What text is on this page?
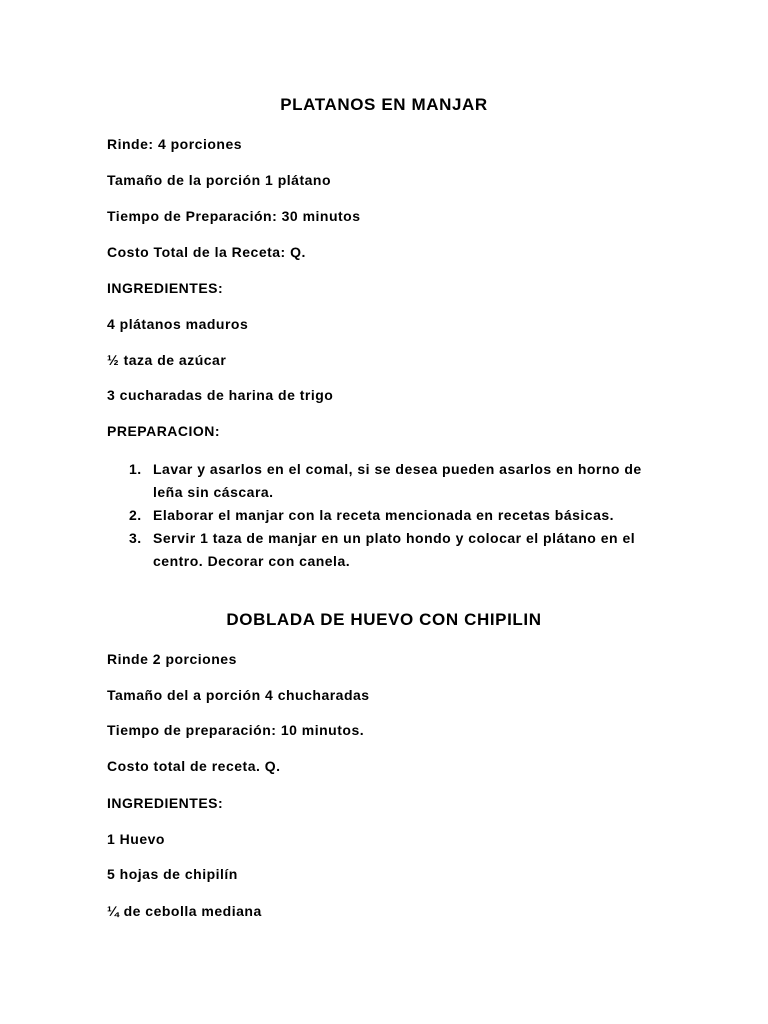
PLATANOS EN MANJAR

Rinde: 4 porciones

Tamaño de la porción 1 plátano

Tiempo de Preparación: 30 minutos

Costo Total de la Receta: Q.

INGREDIENTES:

4 plátanos maduros

½ taza de azúcar

3 cucharadas de harina de trigo

PREPARACION:

1. Lavar y asarlos en el comal, si se desea pueden asarlos en horno de leña sin cáscara.
2. Elaborar el manjar con la receta mencionada en recetas básicas.
3. Servir 1 taza de manjar en un plato hondo y colocar el plátano en el centro. Decorar con canela.
DOBLADA DE HUEVO CON CHIPILIN

Rinde 2 porciones

Tamaño del a porción 4 chucharadas

Tiempo de preparación: 10 minutos.

Costo total de receta. Q.

INGREDIENTES:

1 Huevo

5 hojas de chipilín

¼ de cebolla mediana
